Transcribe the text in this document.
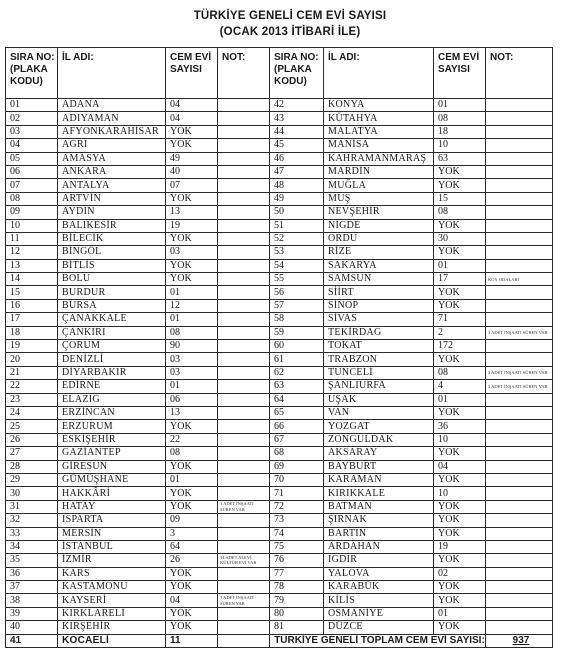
TÜRKİYE GENELİ CEM EVİ SAYISI
(OCAK 2013 İTİBARİ İLE)
SIRA NO: (PLAKA KODU)	İL ADI:	CEM EVİ SAYISI	NOT:	SIRA NO: (PLAKA KODU)	İL ADI:	CEM EVİ SAYISI	NOT:
01	ADANA	04		42	KONYA	01	
02	ADIYAMAN	04		43	KÜTAHYA	08	
03	AFYONKARAHİSAR	YOK		44	MALATYA	18	
04	AĞRI	YOK		45	MANİSA	10	
05	AMASYA	49		46	KAHRAMANMARAŞ	63	
06	ANKARA	40		47	MARDİN	YOK	
07	ANTALYA	07		48	MUĞLA	YOK	
08	ARTVİN	YOK		49	MUŞ	15	
09	AYDIN	13		50	NEVŞEHİR	08	
10	BALIKESİR	19		51	NİĞDE	YOK	
11	BİLECİK	YOK		52	ORDU	30	
12	BİNGÖL	03		53	RİZE	YOK	
13	BİTLİS	YOK		54	SAKARYA	01	
14	BOLU	YOK		55	SAMSUN	17	KÖY ODALARI
15	BURDUR	01		56	SİİRT	YOK	
16	BURSA	12		57	SİNOP	YOK	
17	ÇANAKKALE	01		58	SİVAS	71	
18	ÇANKIRI	08		59	TEKİRDAĞ	2	1 ADET İNŞAATI SÜREN VAR
19	ÇORUM	90		60	TOKAT	172	
20	DENİZLİ	03		61	TRABZON	YOK	
21	DİYARBAKIR	03		62	TUNCELİ	08	3 ADET İNŞAATI SÜREN VAR
22	EDİRNE	01		63	ŞANLIURFA	4	3 ADET İNŞAATI SÜREN VAR
23	ELAZIĞ	06		64	UŞAK	01	
24	ERZİNCAN	13		65	VAN	YOK	
25	ERZURUM	YOK		66	YOZGAT	36	
26	ESKİŞEHİR	22		67	ZONGULDAK	10	
27	GAZİANTEP	08		68	AKSARAY	YOK	
28	GİRESUN	YOK		69	BAYBURT	04	
29	GÜMÜŞHANE	01		70	KARAMAN	YOK	
30	HAKKÂRİ	YOK		71	KIRIKKALE	10	
31	HATAY	YOK	1 ADET İNŞAATI SÜREN VAR	72	BATMAN	YOK	
32	ISPARTA	09		73	ŞIRNAK	YOK	
33	MERSİN	3		74	BARTIN	YOK	
34	İSTANBUL	64		75	ARDAHAN	19	
35	İZMİR	26	14 ADET ALEVİ KÜLTÜR EVİ VAR	76	IĞDIR	YOK	
36	KARS	YOK		77	YALOVA	02	
37	KASTAMONU	YOK		78	KARABÜK	YOK	
38	KAYSERİ	04	1 ADET İNŞAATI SÜREN VAR	79	KİLİS	YOK	
39	KIRKLARELİ	YOK		80	OSMANİYE	01	
40	KIRŞEHİR	YOK		81	DÜZCE	YOK	
41	KOCAELİ	11		TÜRKİYE GENELİ TOPLAM CEM EVİ SAYISI:			937
